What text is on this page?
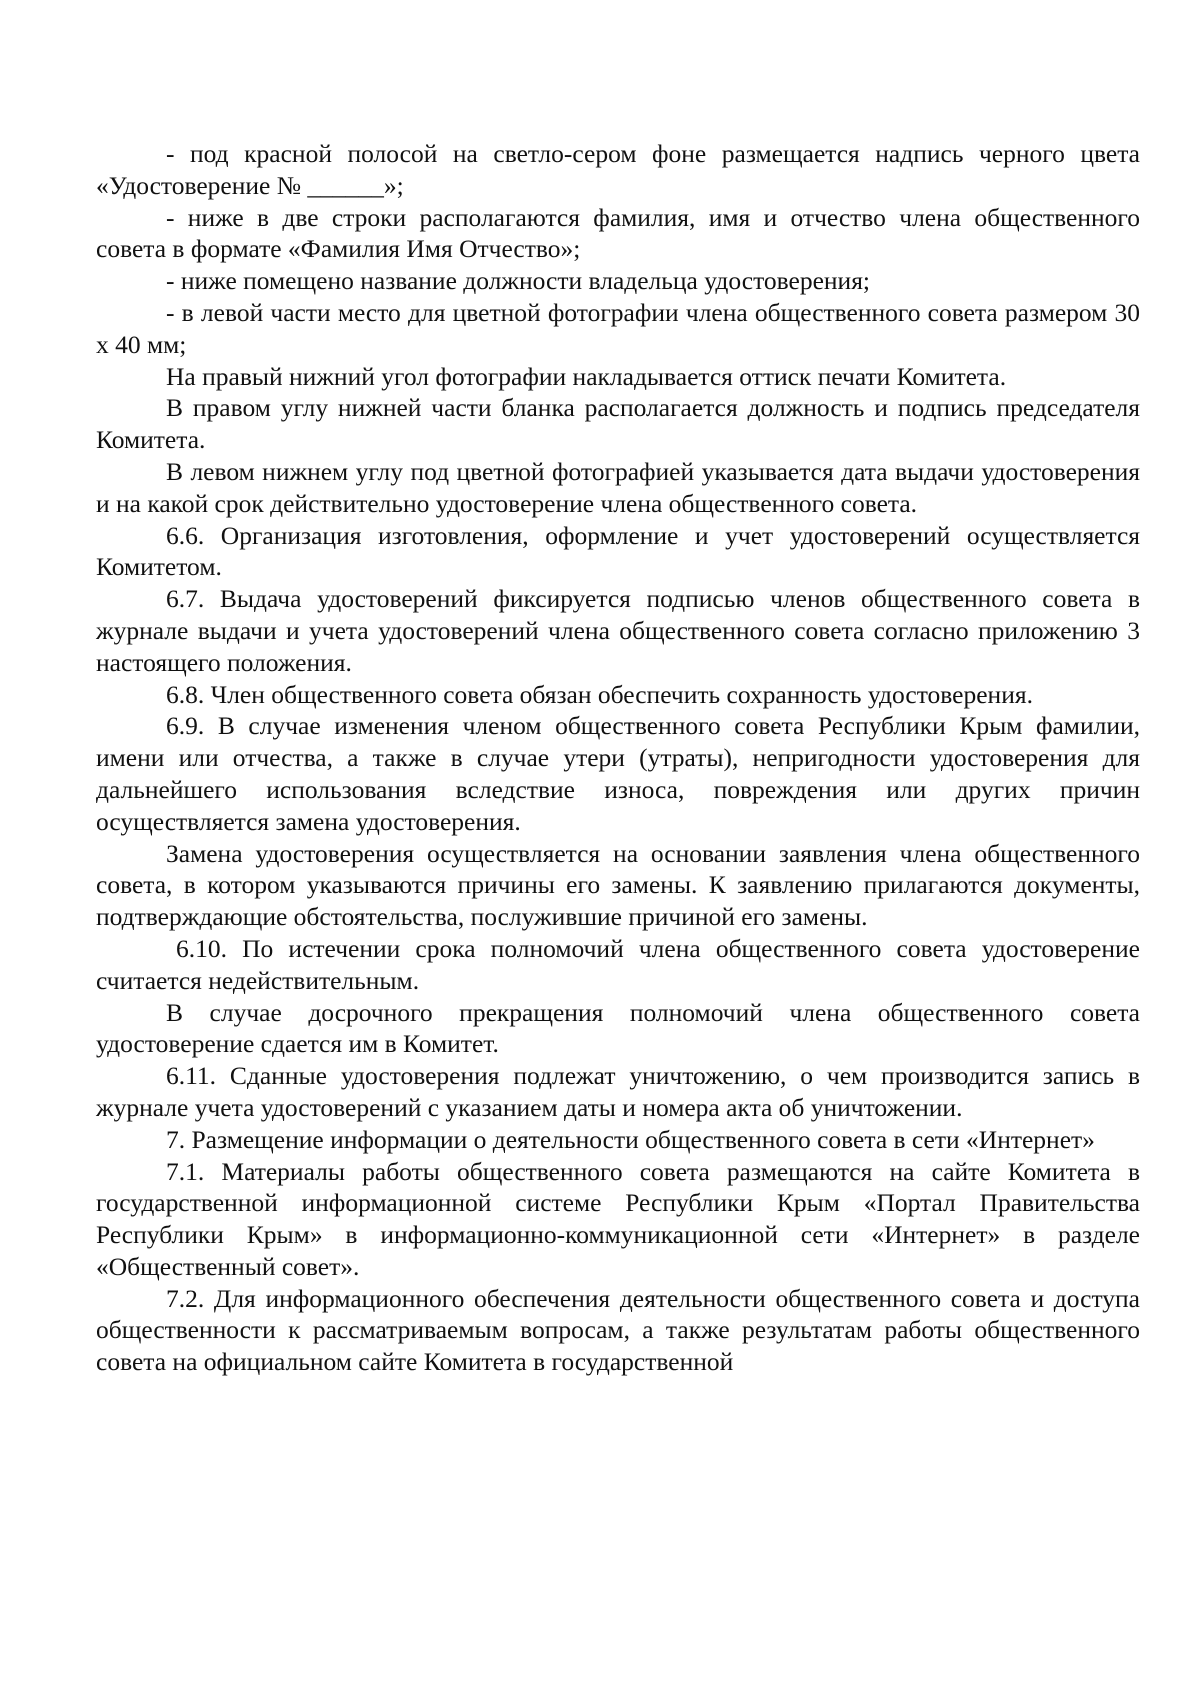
- под красной полосой на светло-сером фоне размещается надпись черного цвета «Удостоверение № ______»;

- ниже в две строки располагаются фамилия, имя и отчество члена общественного совета в формате «Фамилия Имя Отчество»;

- ниже помещено название должности владельца удостоверения;

- в левой части место для цветной фотографии члена общественного совета размером 30 х 40 мм;

На правый нижний угол фотографии накладывается оттиск печати Комитета.

В правом углу нижней части бланка располагается должность и подпись председателя Комитета.

В левом нижнем углу под цветной фотографией указывается дата выдачи удостоверения и на какой срок действительно удостоверение члена общественного совета.

6.6. Организация изготовления, оформление и учет удостоверений осуществляется Комитетом.

6.7. Выдача удостоверений фиксируется подписью членов общественного совета в журнале выдачи и учета удостоверений члена общественного совета согласно приложению 3 настоящего положения.

6.8. Член общественного совета обязан обеспечить сохранность удостоверения.

6.9. В случае изменения членом общественного совета Республики Крым фамилии, имени или отчества, а также в случае утери (утраты), непригодности удостоверения для дальнейшего использования вследствие износа, повреждения или других причин осуществляется замена удостоверения.

Замена удостоверения осуществляется на основании заявления члена общественного совета, в котором указываются причины его замены. К заявлению прилагаются документы, подтверждающие обстоятельства, послужившие причиной его замены.

6.10. По истечении срока полномочий члена общественного совета удостоверение считается недействительным.

В случае досрочного прекращения полномочий члена общественного совета удостоверение сдается им в Комитет.

6.11. Сданные удостоверения подлежат уничтожению, о чем производится запись в журнале учета удостоверений с указанием даты и номера акта об уничтожении.

7. Размещение информации о деятельности общественного совета в сети «Интернет»

7.1. Материалы работы общественного совета размещаются на сайте Комитета в государственной информационной системе Республики Крым «Портал Правительства Республики Крым» в информационно-коммуникационной сети «Интернет» в разделе «Общественный совет».

7.2. Для информационного обеспечения деятельности общественного совета и доступа общественности к рассматриваемым вопросам, а также результатам работы общественного совета на официальном сайте Комитета в государственной
